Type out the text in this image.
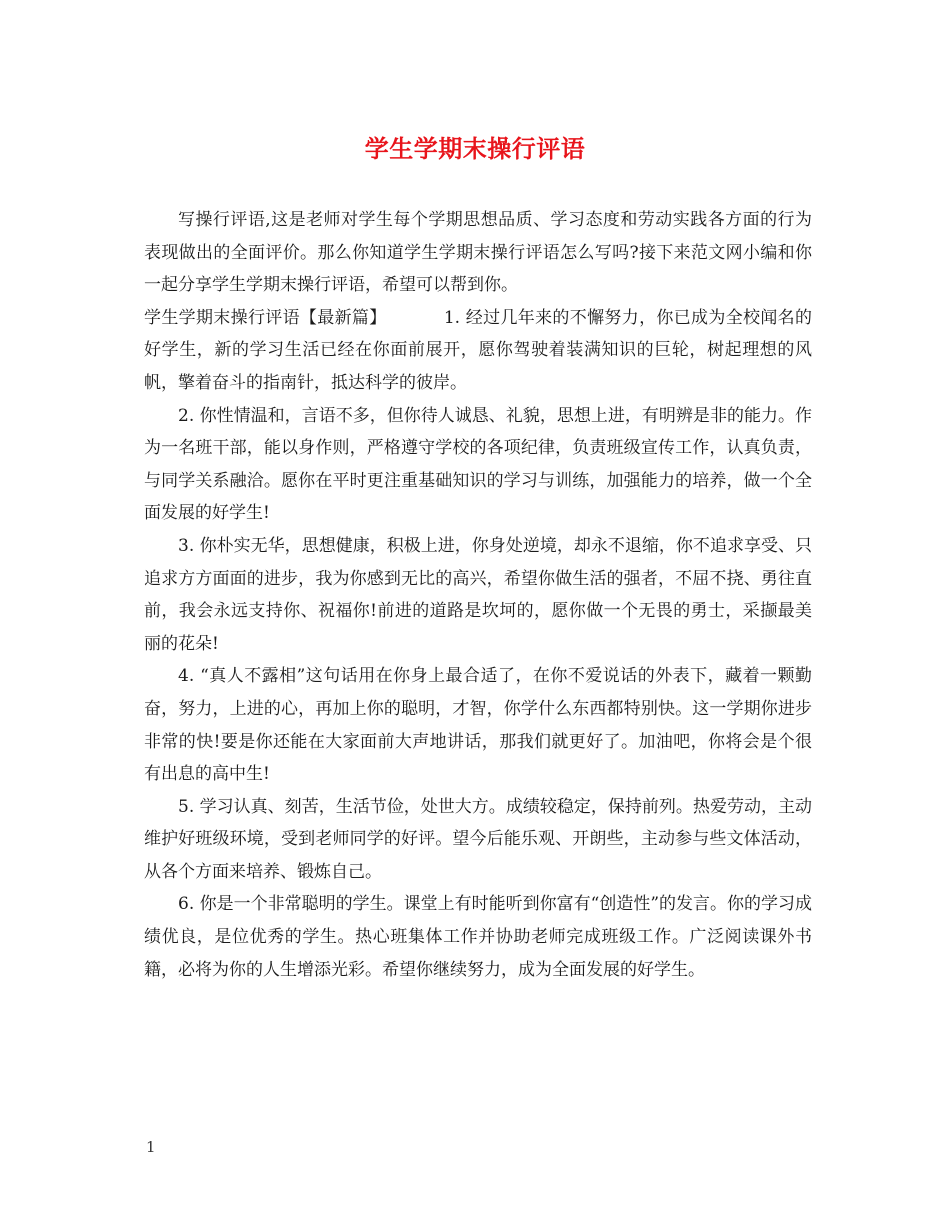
学生学期末操行评语

写操行评语,这是老师对学生每个学期思想品质、学习态度和劳动实践各方面的行为表现做出的全面评价。那么你知道学生学期末操行评语怎么写吗?接下来范文网小编和你一起分享学生学期末操行评语，希望可以帮到你。

学生学期末操行评语【最新篇】	1. 经过几年来的不懈努力，你已成为全校闻名的好学生，新的学习生活已经在你面前展开，愿你驾驶着装满知识的巨轮，树起理想的风帆，擎着奋斗的指南针，抵达科学的彼岸。

2. 你性情温和，言语不多，但你待人诚恳、礼貌，思想上进，有明辨是非的能力。作为一名班干部，能以身作则，严格遵守学校的各项纪律，负责班级宣传工作，认真负责，与同学关系融洽。愿你在平时更注重基础知识的学习与训练，加强能力的培养，做一个全面发展的好学生!

3. 你朴实无华，思想健康，积极上进，你身处逆境，却永不退缩，你不追求享受、只追求方方面面的进步，我为你感到无比的高兴，希望你做生活的强者，不屈不挠、勇往直前，我会永远支持你、祝福你!前进的道路是坎坷的，愿你做一个无畏的勇士，采撷最美丽的花朵!

4. “真人不露相”这句话用在你身上最合适了，在你不爱说话的外表下，藏着一颗勤奋，努力，上进的心，再加上你的聪明，才智，你学什么东西都特别快。这一学期你进步非常的快!要是你还能在大家面前大声地讲话，那我们就更好了。加油吧，你将会是个很有出息的高中生!

5. 学习认真、刻苦，生活节俭，处世大方。成绩较稳定，保持前列。热爱劳动，主动维护好班级环境，受到老师同学的好评。望今后能乐观、开朗些，主动参与些文体活动，从各个方面来培养、锻炼自己。

6. 你是一个非常聪明的学生。课堂上有时能听到你富有“创造性”的发言。你的学习成绩优良，是位优秀的学生。热心班集体工作并协助老师完成班级工作。广泛阅读课外书籍，必将为你的人生增添光彩。希望你继续努力，成为全面发展的好学生。

1
